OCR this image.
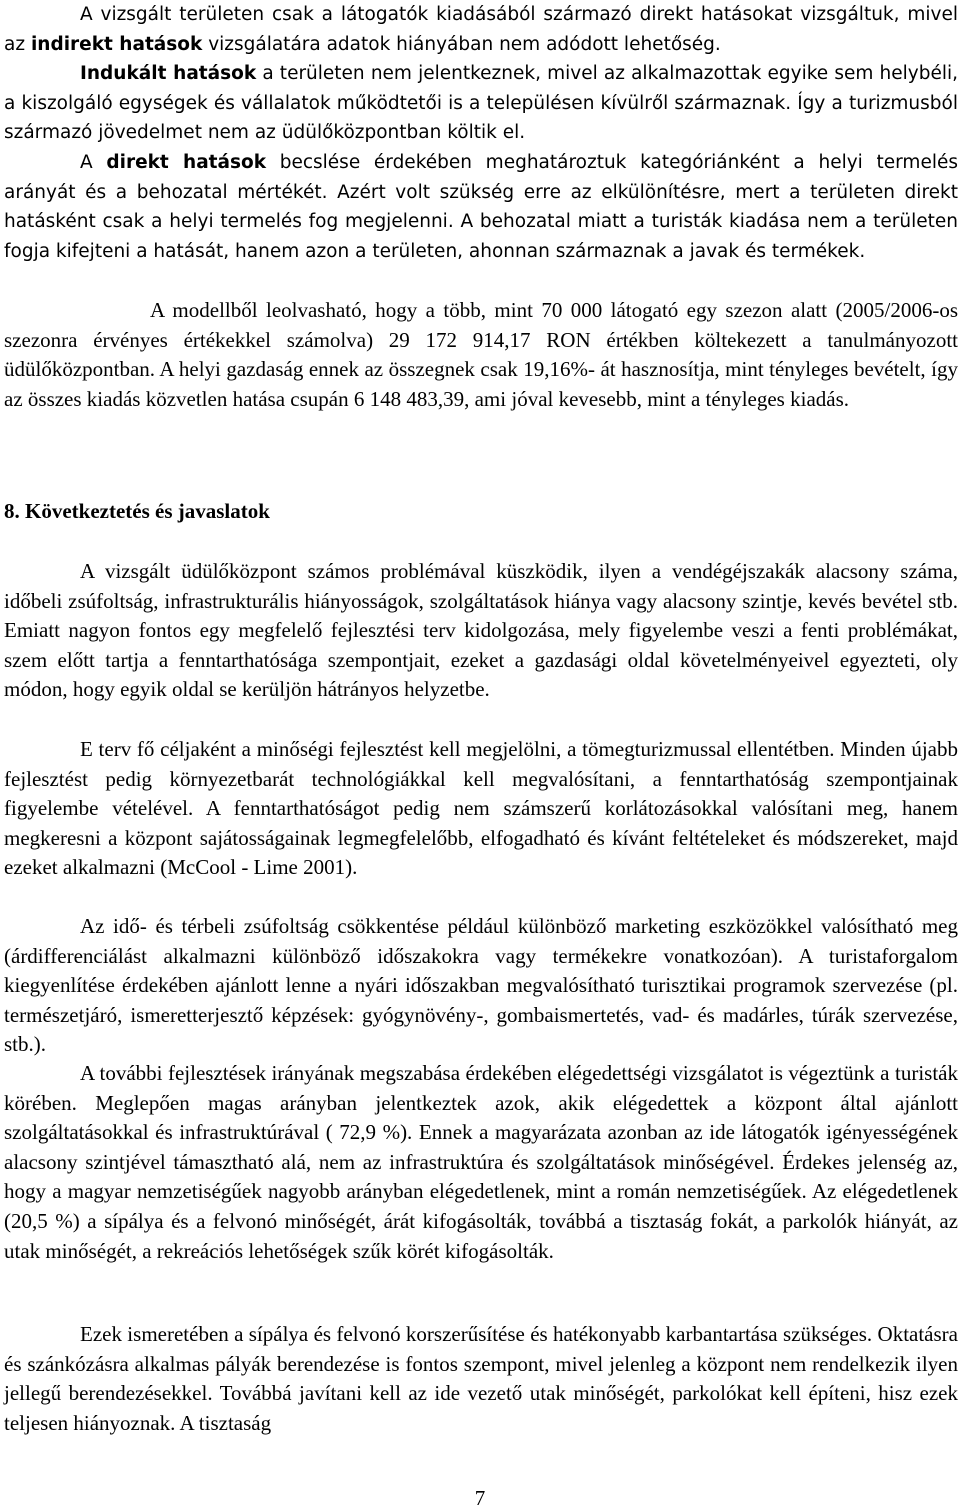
A vizsgált területen csak a látogatók kiadásából származó direkt hatásokat vizsgáltuk, mivel az indirekt hatások vizsgálatára adatok hiányában nem adódott lehetőség.

Indukált hatások a területen nem jelentkeznek, mivel az alkalmazottak egyike sem helybéli, a kiszolgáló egységek és vállalatok működtetői is a településen kívülről származnak. Így a turizmusból származó jövedelmet nem az üdülőközpontban költik el.

A direkt hatások becslése érdekében meghatároztuk kategóriánként a helyi termelés arányát és a behozatal mértékét. Azért volt szükség erre az elkülönítésre, mert a területen direkt hatásként csak a helyi termelés fog megjelenni. A behozatal miatt a turisták kiadása nem a területen fogja kifejteni a hatását, hanem azon a területen, ahonnan származnak a javak és termékek.

A modellből leolvasható, hogy a több, mint 70 000 látogató egy szezon alatt (2005/2006-os szezonra érvényes értékekkel számolva) 29 172 914,17 RON értékben költekezett a tanulmányozott üdülőközpontban. A helyi gazdaság ennek az összegnek csak 19,16%- át hasznosítja, mint tényleges bevételt, így az összes kiadás közvetlen hatása csupán 6 148 483,39, ami jóval kevesebb, mint a tényleges kiadás.

8. Következtetés és javaslatok

A vizsgált üdülőközpont számos problémával küszködik, ilyen a vendégéjszakák alacsony száma, időbeli zsúfoltság, infrastrukturális hiányosságok, szolgáltatások hiánya vagy alacsony szintje, kevés bevétel stb. Emiatt nagyon fontos egy megfelelő fejlesztési terv kidolgozása, mely figyelembe veszi a fenti problémákat, szem előtt tartja a fenntarthatósága szempontjait, ezeket a gazdasági oldal követelményeivel egyezteti, oly módon, hogy egyik oldal se kerüljön hátrányos helyzetbe.

E terv fő céljaként a minőségi fejlesztést kell megjelölni, a tömegturizmussal ellentétben. Minden újabb fejlesztést pedig környezetbarát technológiákkal kell megvalósítani, a fenntarthatóság szempontjainak figyelembe vételével. A fenntarthatóságot pedig nem számszerű korlátozásokkal valósítani meg, hanem megkeresni a központ sajátosságainak legmegfelelőbb, elfogadható és kívánt feltételeket és módszereket, majd ezeket alkalmazni (McCool - Lime 2001).

Az idő- és térbeli zsúfoltság csökkentése például különböző marketing eszközökkel valósítható meg (árdifferenciálást alkalmazni különböző időszakokra vagy termékekre vonatkozóan). A turistaforgalom kiegyenlítése érdekében ajánlott lenne a nyári időszakban megvalósítható turisztikai programok szervezése (pl. természetjáró, ismeretterjesztő képzések: gyógynövény-, gombaismertetés, vad- és madárles, túrák szervezése, stb.).

A további fejlesztések irányának megszabása érdekében elégedettségi vizsgálatot is végeztünk a turisták körében. Meglepően magas arányban jelentkeztek azok, akik elégedettek a központ által ajánlott szolgáltatásokkal és infrastruktúrával ( 72,9 %). Ennek a magyarázata azonban az ide látogatók igényességének alacsony szintjével támasztható alá, nem az infrastruktúra és szolgáltatások minőségével. Érdekes jelenség az, hogy a magyar nemzetiségűek nagyobb arányban elégedetlenek, mint a román nemzetiségűek. Az elégedetlenek (20,5 %) a sípálya és a felvonó minőségét, árát kifogásolták, továbbá a tisztaság fokát, a parkolók hiányát, az utak minőségét, a rekreációs lehetőségek szűk körét kifogásolták.

Ezek ismeretében a sípálya és felvonó korszerűsítése és hatékonyabb karbantartása szükséges. Oktatásra és szánkózásra alkalmas pályák berendezése is fontos szempont, mivel jelenleg a központ nem rendelkezik ilyen jellegű berendezésekkel. Továbbá javítani kell az ide vezető utak minőségét, parkolókat kell építeni, hisz ezek teljesen hiányoznak. A tisztaság

7
